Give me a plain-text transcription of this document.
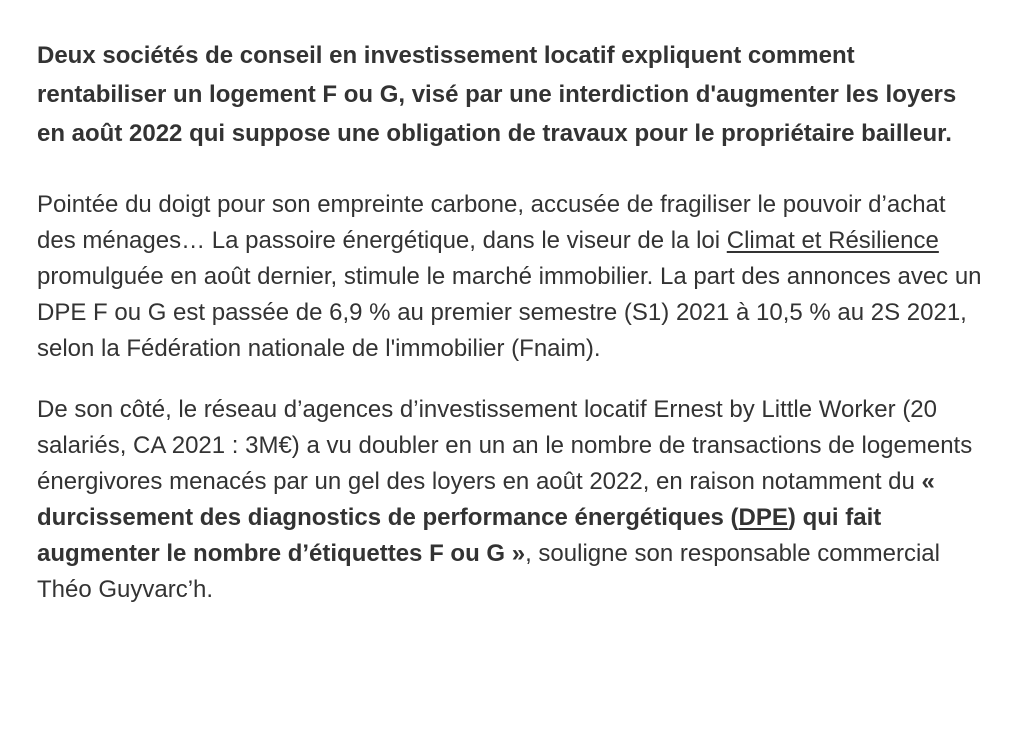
Deux sociétés de conseil en investissement locatif expliquent comment rentabiliser un logement F ou G, visé par une interdiction d'augmenter les loyers en août 2022 qui suppose une obligation de travaux pour le propriétaire bailleur.

Pointée du doigt pour son empreinte carbone, accusée de fragiliser le pouvoir d’achat des ménages… La passoire énergétique, dans le viseur de la loi Climat et Résilience promulguée en août dernier, stimule le marché immobilier. La part des annonces avec un DPE F ou G est passée de 6,9 % au premier semestre (S1) 2021 à 10,5 % au 2S 2021, selon la Fédération nationale de l'immobilier (Fnaim).

De son côté, le réseau d’agences d’investissement locatif Ernest by Little Worker (20 salariés, CA 2021 : 3M€) a vu doubler en un an le nombre de transactions de logements énergivores menacés par un gel des loyers en août 2022, en raison notamment du « durcissement des diagnostics de performance énergétiques (DPE) qui fait augmenter le nombre d’étiquettes F ou G », souligne son responsable commercial Théo Guyvarc’h.
